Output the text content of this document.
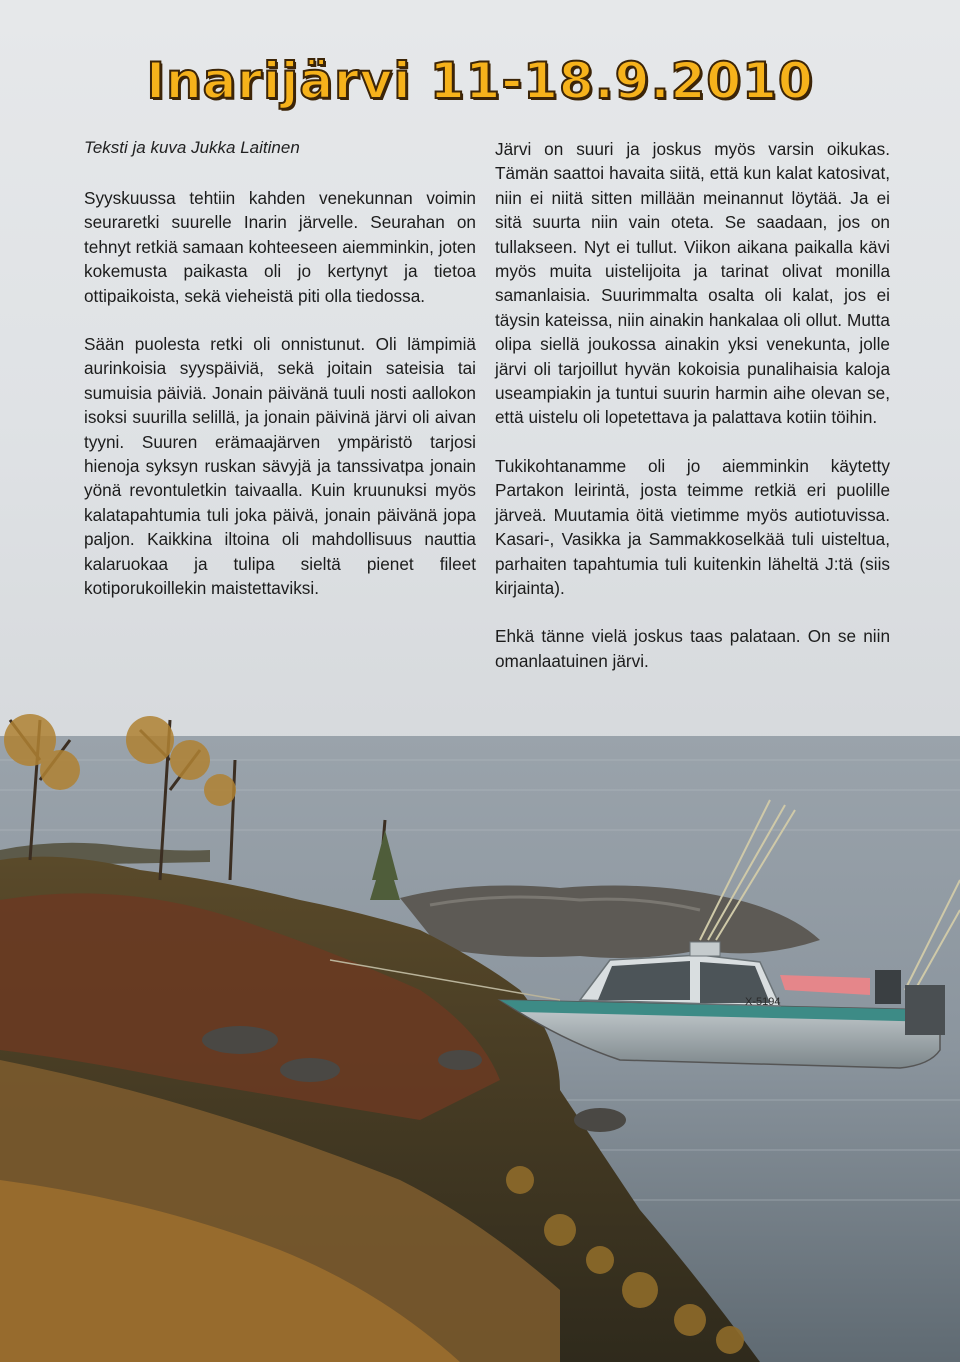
X-5194
Inarijärvi 11-18.9.2010
Teksti ja kuva Jukka Laitinen

Syyskuussa tehtiin kahden venekunnan voimin seuraretki suurelle Inarin järvelle. Seurahan on tehnyt retkiä samaan kohteeseen aiemminkin, joten kokemusta paikasta oli jo kertynyt ja tietoa ottipaikoista, sekä vieheistä piti olla tiedossa.

Sään puolesta retki oli onnistunut. Oli lämpimiä aurinkoisia syyspäiviä, sekä joitain sateisia tai sumuisia päiviä. Jonain päivänä tuuli nosti aallokon isoksi suurilla selillä, ja jonain päivinä järvi oli aivan tyyni. Suuren erämaajärven ympäristö tarjosi hienoja syksyn ruskan sävyjä ja tanssivatpa jonain yönä revontuletkin taivaalla. Kuin kruunuksi myös kalatapahtumia tuli joka päivä, jonain päivänä jopa paljon. Kaikkina iltoina oli mahdollisuus nauttia kalaruokaa ja tulipa sieltä pienet fileet kotiporukoillekin maistettaviksi.

Järvi on suuri ja joskus myös varsin oikukas. Tämän saattoi havaita siitä, että kun kalat katosivat, niin ei niitä sitten millään meinannut löytää. Ja ei sitä suurta niin vain oteta. Se saadaan, jos on tullakseen. Nyt ei tullut. Viikon aikana paikalla kävi myös muita uistelijoita ja tarinat olivat monilla samanlaisia. Suurimmalta osalta oli kalat, jos ei täysin kateissa, niin ainakin hankalaa oli ollut. Mutta olipa siellä joukossa ainakin yksi venekunta, jolle järvi oli tarjoillut hyvän kokoisia punalihaisia kaloja useampiakin ja tuntui suurin harmin aihe olevan se, että uistelu oli lopetettava ja palattava kotiin töihin.

Tukikohtanamme oli jo aiemminkin käytetty Partakon leirintä, josta teimme retkiä eri puolille järveä. Muutamia öitä vietimme myös autiotuvissa. Kasari-, Vasikka ja Sammakkoselkää tuli uisteltua, parhaiten tapahtumia tuli kuitenkin läheltä J:tä (siis kirjainta).

Ehkä tänne vielä joskus taas palataan. On se niin omanlaatuinen järvi.
